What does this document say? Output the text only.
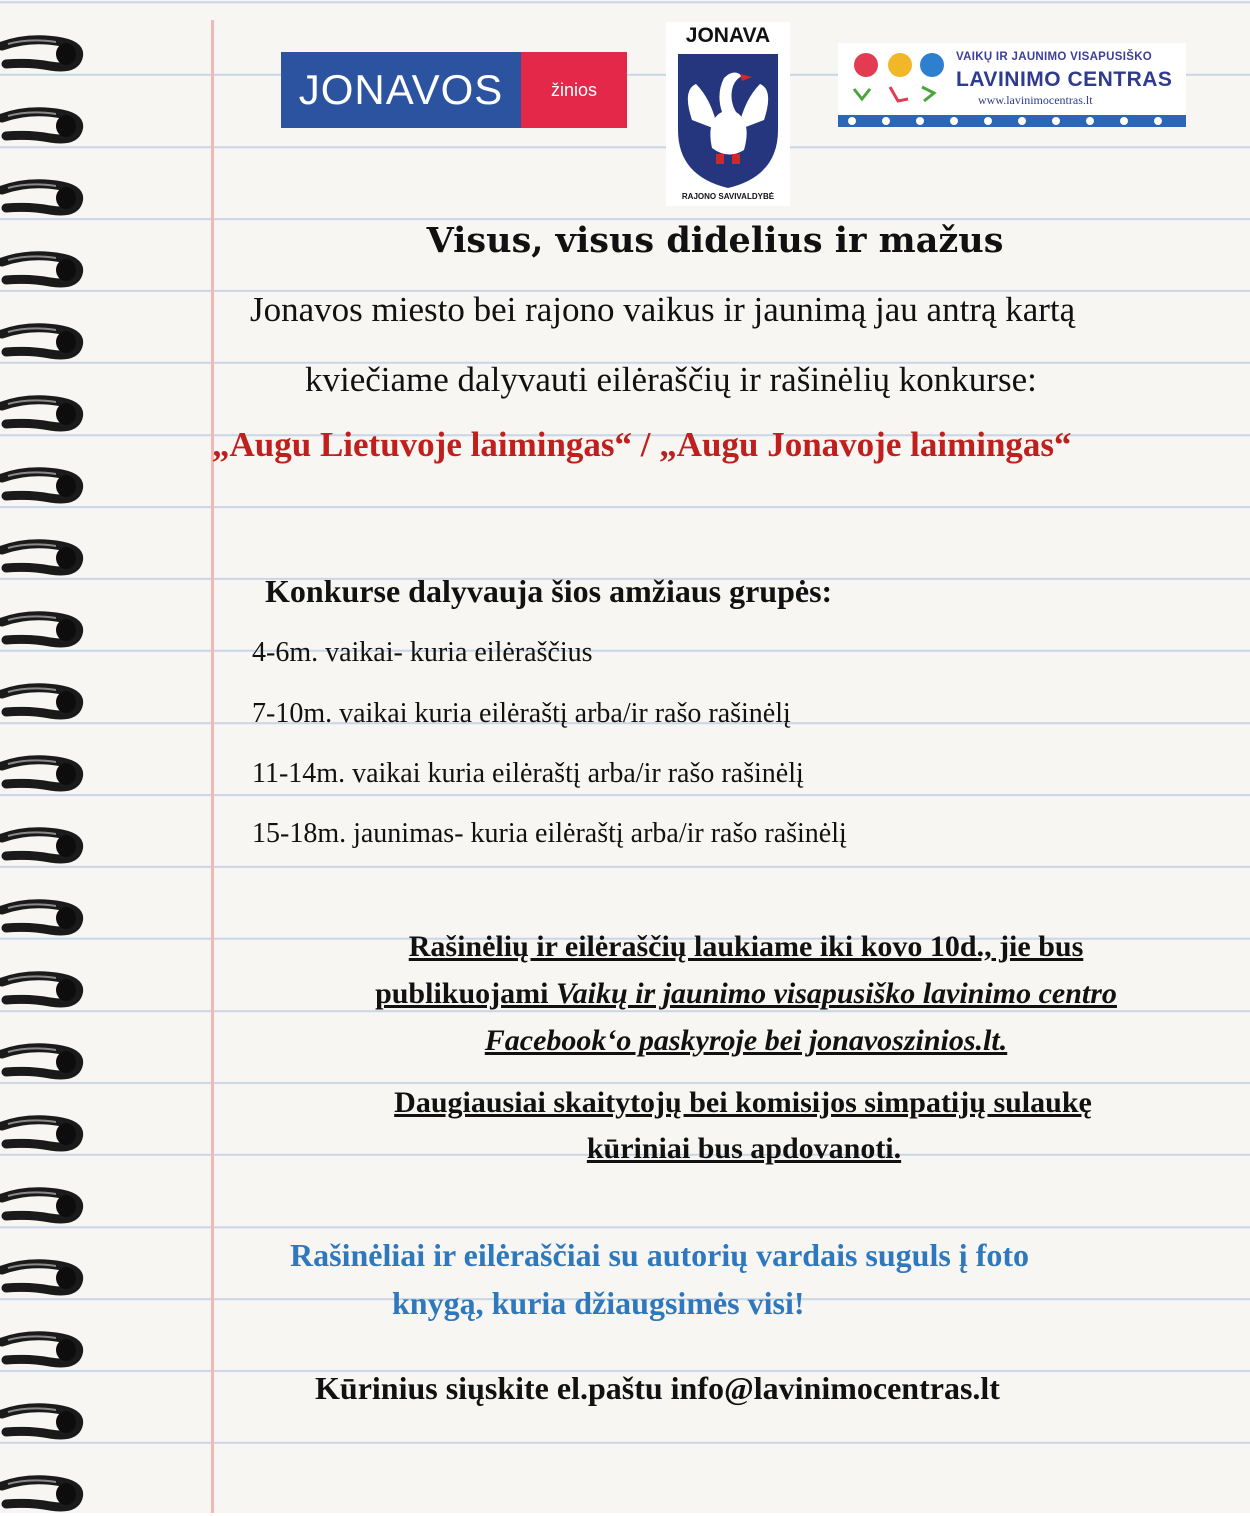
JONAVOS	žinios
JONAVA
RAJONO SAVIVALDYBĖ
VAIKŲ IR JAUNIMO VISAPUSIŠKO
LAVINIMO CENTRAS
www.lavinimocentras.lt
Visus, visus didelius ir mažus
Jonavos miesto bei rajono vaikus ir jaunimą jau antrą kartą
kviečiame dalyvauti eilėraščių ir rašinėlių konkurse:
„Augu Lietuvoje laimingas“ / „Augu Jonavoje laimingas“
Konkurse dalyvauja šios amžiaus grupės:
4-6m. vaikai- kuria eilėraščius
7-10m. vaikai kuria eilėraštį arba/ir rašo rašinėlį
11-14m. vaikai kuria eilėraštį arba/ir rašo rašinėlį
15-18m. jaunimas- kuria eilėraštį arba/ir rašo rašinėlį
Rašinėlių ir eilėraščių laukiame iki kovo 10d., jie bus
publikuojami Vaikų ir jaunimo visapusiško lavinimo centro
Facebook‘o paskyroje bei jonavoszinios.lt.
Daugiausiai skaitytojų bei komisijos simpatijų sulaukę
kūriniai bus apdovanoti.
Rašinėliai ir eilėraščiai su autorių vardais suguls į foto
knygą, kuria džiaugsimės visi!
Kūrinius siųskite el.paštu info@lavinimocentras.lt
